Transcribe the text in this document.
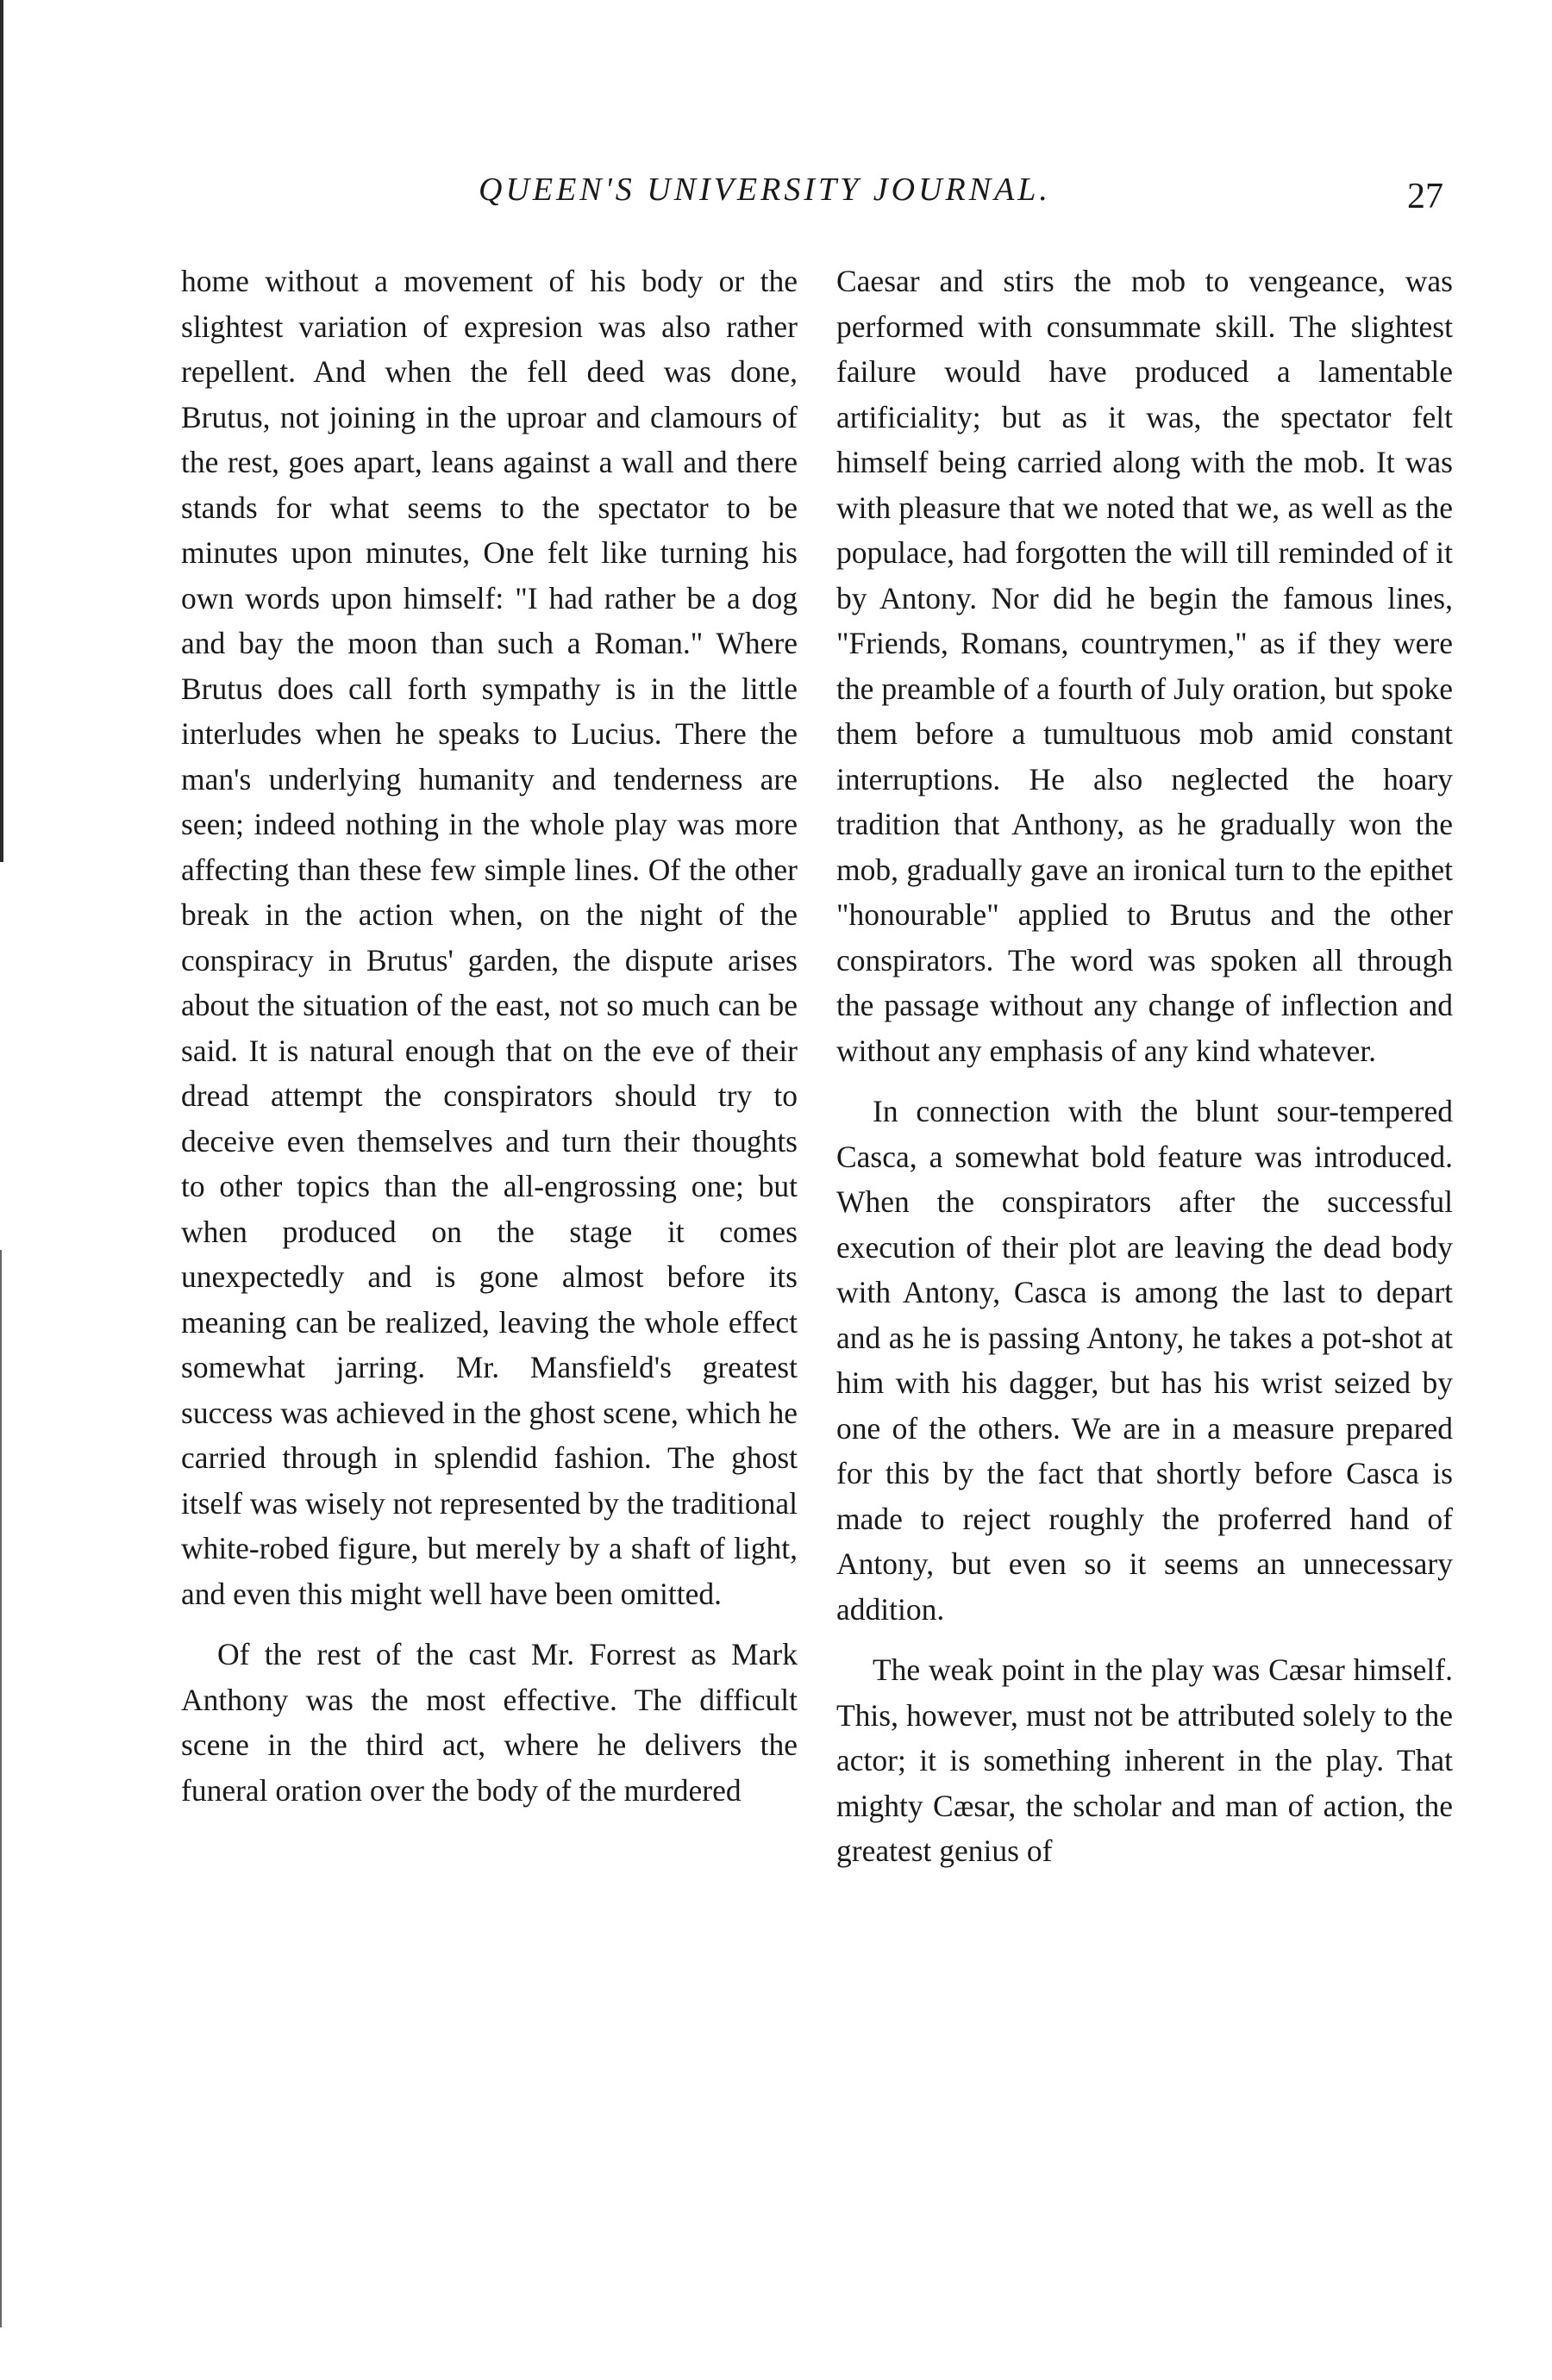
QUEEN'S UNIVERSITY JOURNAL.	27

home without a movement of his body or the slightest variation of expresion was also rather repellent. And when the fell deed was done, Brutus, not joining in the uproar and clamours of the rest, goes apart, leans against a wall and there stands for what seems to the spectator to be minutes upon minutes, One felt like turning his own words upon himself: "I had rather be a dog and bay the moon than such a Roman." Where Brutus does call forth sympathy is in the little interludes when he speaks to Lucius. There the man's underlying humanity and tenderness are seen; indeed nothing in the whole play was more affecting than these few simple lines. Of the other break in the action when, on the night of the conspiracy in Brutus' garden, the dispute arises about the situation of the east, not so much can be said. It is natural enough that on the eve of their dread attempt the conspirators should try to deceive even themselves and turn their thoughts to other topics than the all-engrossing one; but when produced on the stage it comes unexpectedly and is gone almost before its meaning can be realized, leaving the whole effect somewhat jarring. Mr. Mansfield's greatest success was achieved in the ghost scene, which he carried through in splendid fashion. The ghost itself was wisely not represented by the traditional white-robed figure, but merely by a shaft of light, and even this might well have been omitted.

Of the rest of the cast Mr. Forrest as Mark Anthony was the most effective. The difficult scene in the third act, where he delivers the funeral oration over the body of the murdered

Caesar and stirs the mob to vengeance, was performed with consummate skill. The slightest failure would have produced a lamentable artificiality; but as it was, the spectator felt himself being carried along with the mob. It was with pleasure that we noted that we, as well as the populace, had forgotten the will till reminded of it by Antony. Nor did he begin the famous lines, "Friends, Romans, countrymen," as if they were the preamble of a fourth of July oration, but spoke them before a tumultuous mob amid constant interruptions. He also neglected the hoary tradition that Anthony, as he gradually won the mob, gradually gave an ironical turn to the epithet "honourable" applied to Brutus and the other conspirators. The word was spoken all through the passage without any change of inflection and without any emphasis of any kind whatever.

In connection with the blunt sour-tempered Casca, a somewhat bold feature was introduced. When the conspirators after the successful execution of their plot are leaving the dead body with Antony, Casca is among the last to depart and as he is passing Antony, he takes a pot-shot at him with his dagger, but has his wrist seized by one of the others. We are in a measure prepared for this by the fact that shortly before Casca is made to reject roughly the proferred hand of Antony, but even so it seems an unnecessary addition.

The weak point in the play was Cæsar himself. This, however, must not be attributed solely to the actor; it is something inherent in the play. That mighty Cæsar, the scholar and man of action, the greatest genius of
